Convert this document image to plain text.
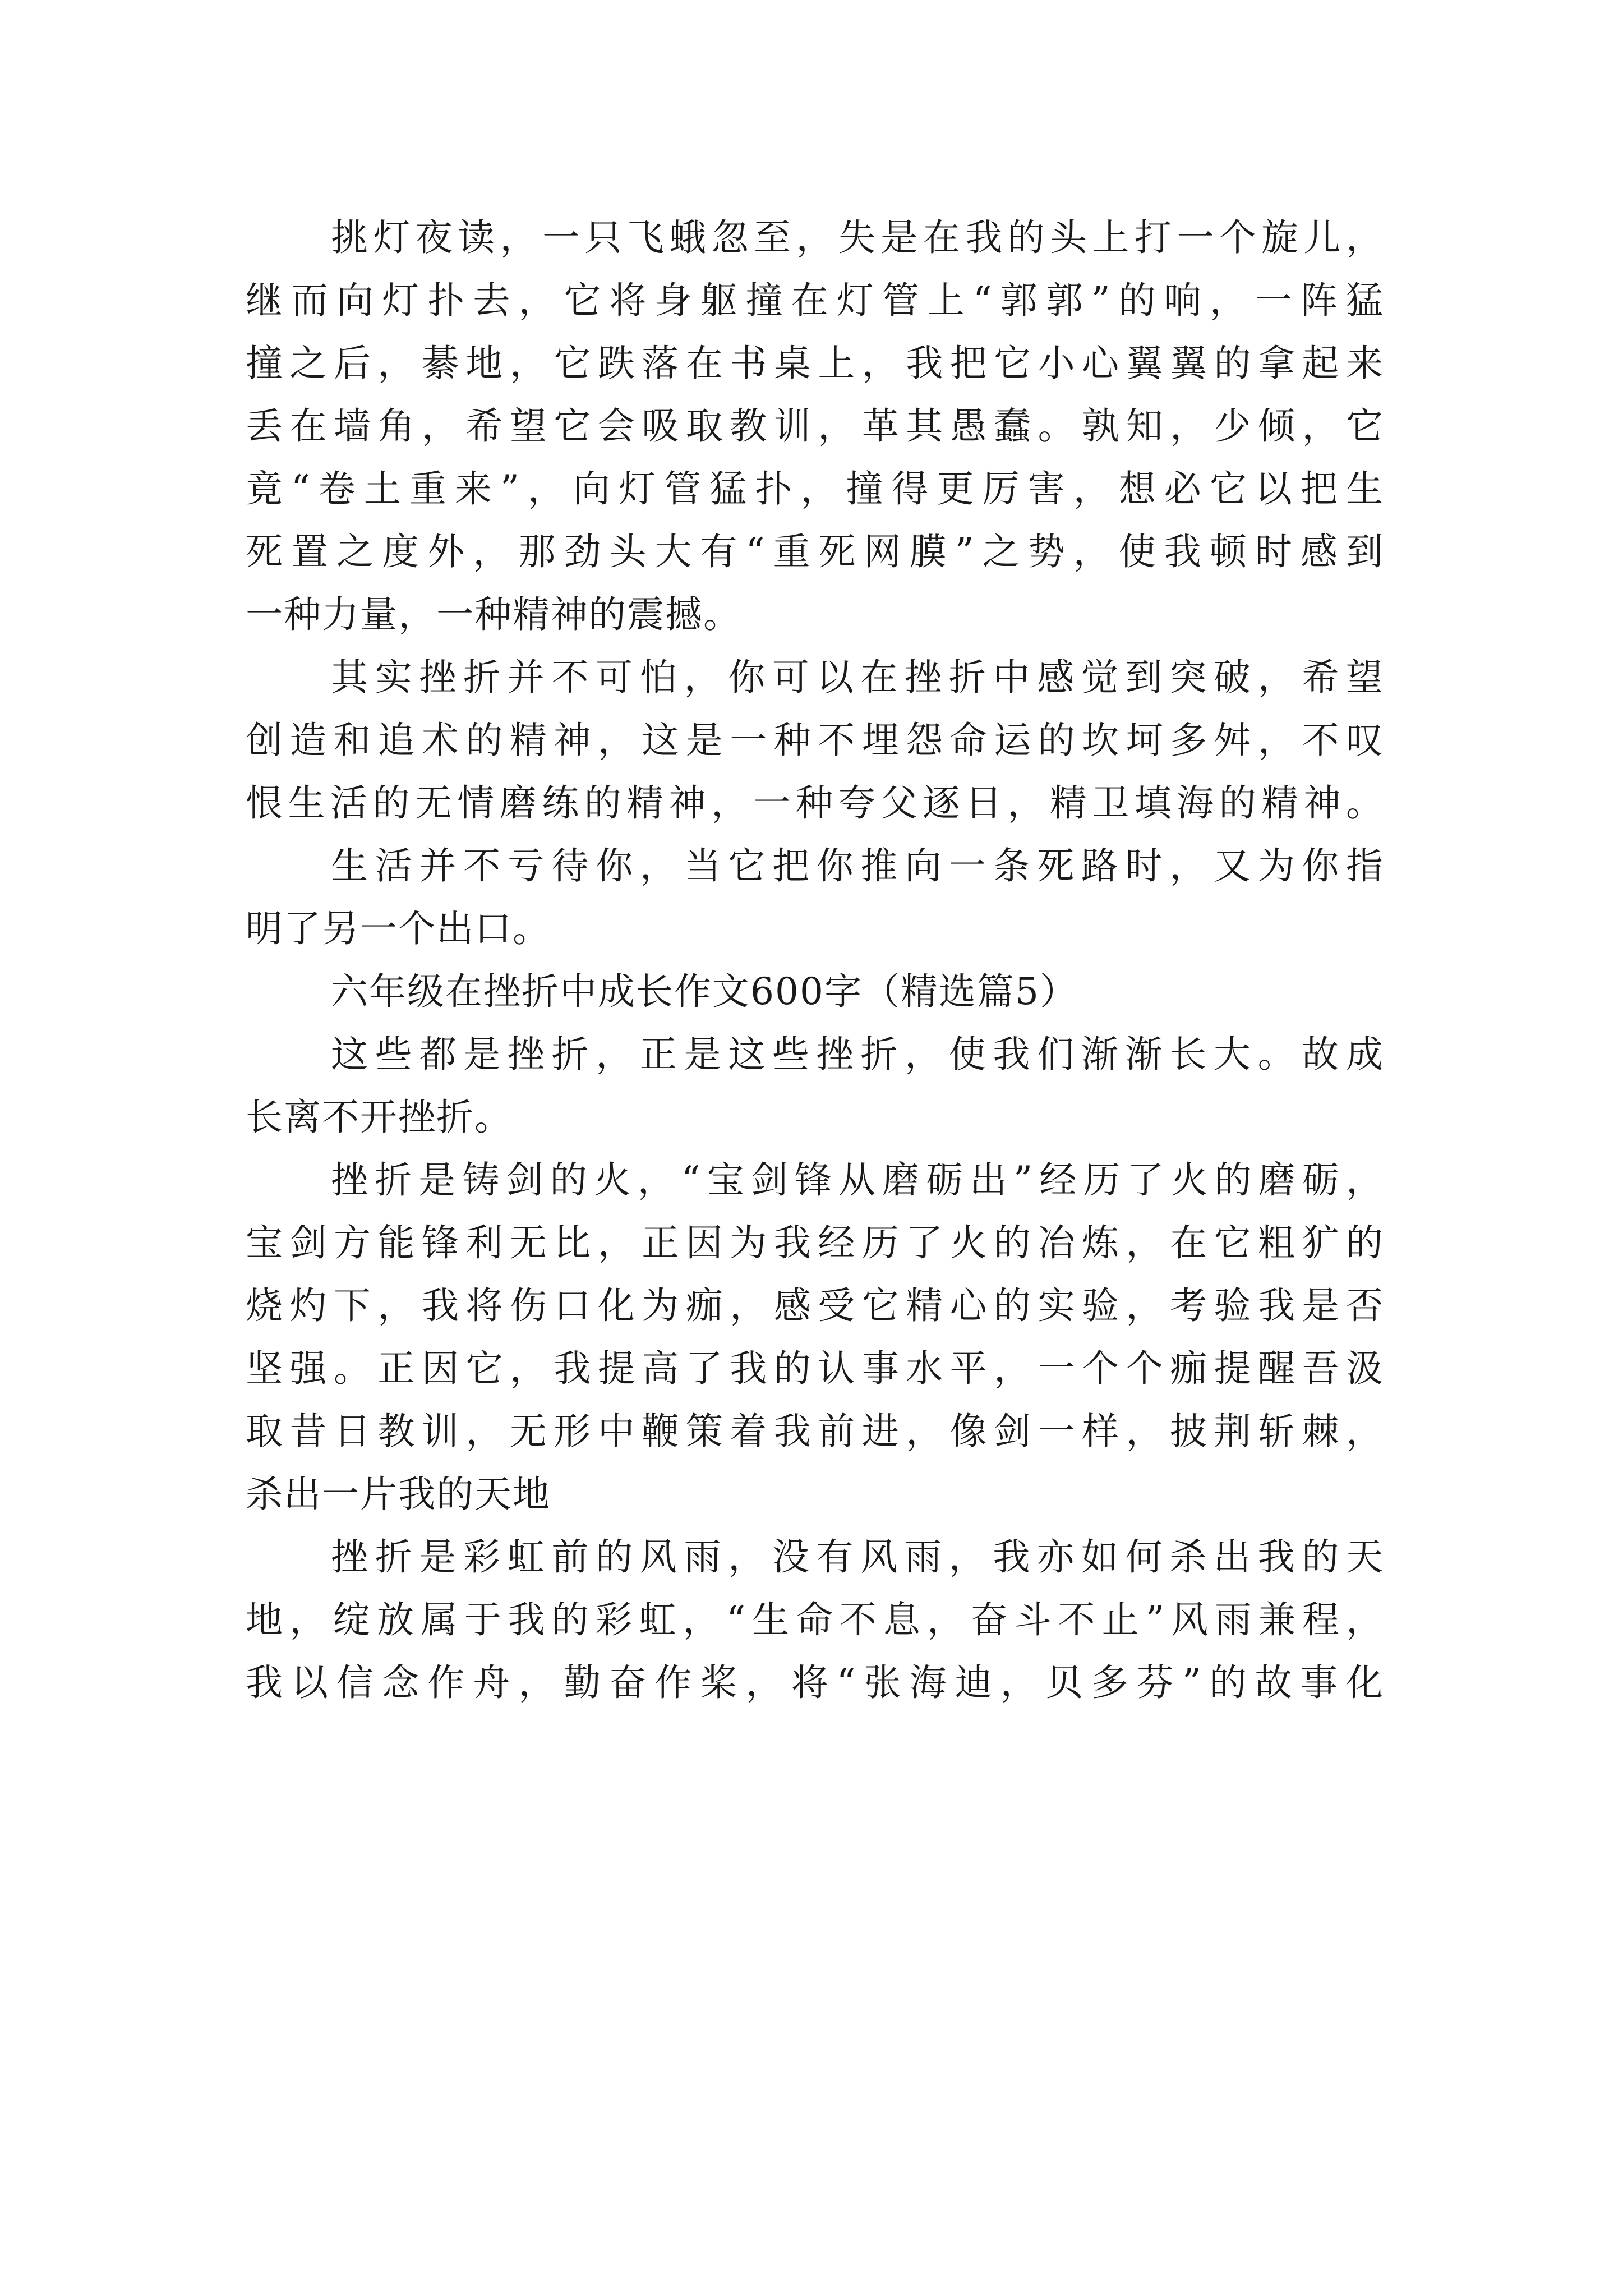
挑灯夜读，一只飞蛾忽至，失是在我的头上打一个旋儿，
继而向灯扑去，它将身躯撞在灯管上“郭郭”的响，一阵猛
撞之后，綦地，它跌落在书桌上，我把它小心翼翼的拿起来
丢在墙角，希望它会吸取教训，革其愚蠢。孰知，少倾，它
竟“卷土重来”，向灯管猛扑，撞得更厉害，想必它以把生
死置之度外，那劲头大有“重死网膜”之势，使我顿时感到
一种力量，一种精神的震撼。
其实挫折并不可怕，你可以在挫折中感觉到突破，希望
创造和追术的精神，这是一种不埋怨命运的坎坷多舛，不叹
恨生活的无情磨练的精神，一种夸父逐日，精卫填海的精神。
生活并不亏待你，当它把你推向一条死路时，又为你指
明了另一个出口。
六年级在挫折中成长作文600字（精选篇5）
这些都是挫折，正是这些挫折，使我们渐渐长大。故成
长离不开挫折。
挫折是铸剑的火，“宝剑锋从磨砺出”经历了火的磨砺，
宝剑方能锋利无比，正因为我经历了火的冶炼，在它粗犷的
烧灼下，我将伤口化为痂，感受它精心的实验，考验我是否
坚强。正因它，我提高了我的认事水平，一个个痂提醒吾汲
取昔日教训，无形中鞭策着我前进，像剑一样，披荆斩棘，
杀出一片我的天地
挫折是彩虹前的风雨，没有风雨，我亦如何杀出我的天
地，绽放属于我的彩虹，“生命不息，奋斗不止”风雨兼程，
我以信念作舟，勤奋作桨，将“张海迪，贝多芬”的故事化
